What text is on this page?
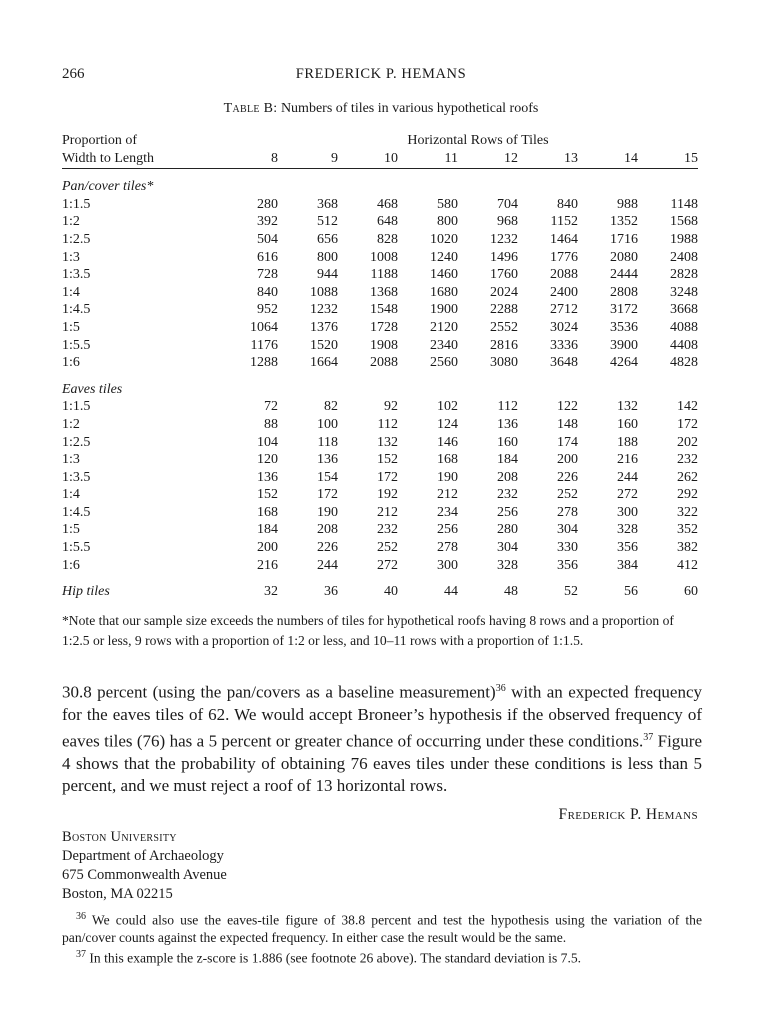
266	FREDERICK P. HEMANS
Table B: Numbers of tiles in various hypothetical roofs
Proportion of	Horizontal Rows of Tiles							
Width to Length	8	9	10	11	12	13	14	15

Pan/cover tiles*								
1:1.5	280	368	468	580	704	840	988	1148
1:2	392	512	648	800	968	1152	1352	1568
1:2.5	504	656	828	1020	1232	1464	1716	1988
1:3	616	800	1008	1240	1496	1776	2080	2408
1:3.5	728	944	1188	1460	1760	2088	2444	2828
1:4	840	1088	1368	1680	2024	2400	2808	3248
1:4.5	952	1232	1548	1900	2288	2712	3172	3668
1:5	1064	1376	1728	2120	2552	3024	3536	4088
1:5.5	1176	1520	1908	2340	2816	3336	3900	4408
1:6	1288	1664	2088	2560	3080	3648	4264	4828

Eaves tiles								
1:1.5	72	82	92	102	112	122	132	142
1:2	88	100	112	124	136	148	160	172
1:2.5	104	118	132	146	160	174	188	202
1:3	120	136	152	168	184	200	216	232
1:3.5	136	154	172	190	208	226	244	262
1:4	152	172	192	212	232	252	272	292
1:4.5	168	190	212	234	256	278	300	322
1:5	184	208	232	256	280	304	328	352
1:5.5	200	226	252	278	304	330	356	382
1:6	216	244	272	300	328	356	384	412

Hip tiles	32	36	40	44	48	52	56	60
*Note that our sample size exceeds the numbers of tiles for hypothetical roofs having 8 rows and a proportion of 1:2.5 or less, 9 rows with a proportion of 1:2 or less, and 10–11 rows with a proportion of 1:1.5.
30.8 percent (using the pan/covers as a baseline measurement)$^{36}$ with an expected frequency for the eaves tiles of 62. We would accept Broneer’s hypothesis if the observed frequency of eaves tiles (76) has a 5 percent or greater chance of occurring under these conditions.$^{37}$ Figure 4 shows that the probability of obtaining 76 eaves tiles under these conditions is less than 5 percent, and we must reject a roof of 13 horizontal rows.
Frederick P. Hemans
Boston University
Department of Archaeology
675 Commonwealth Avenue
Boston, MA 02215

$^{36}$ We could also use the eaves-tile figure of 38.8 percent and test the hypothesis using the variation of the pan/cover counts against the expected frequency. In either case the result would be the same.

$^{37}$ In this example the z-score is 1.886 (see footnote 26 above). The standard deviation is 7.5.
